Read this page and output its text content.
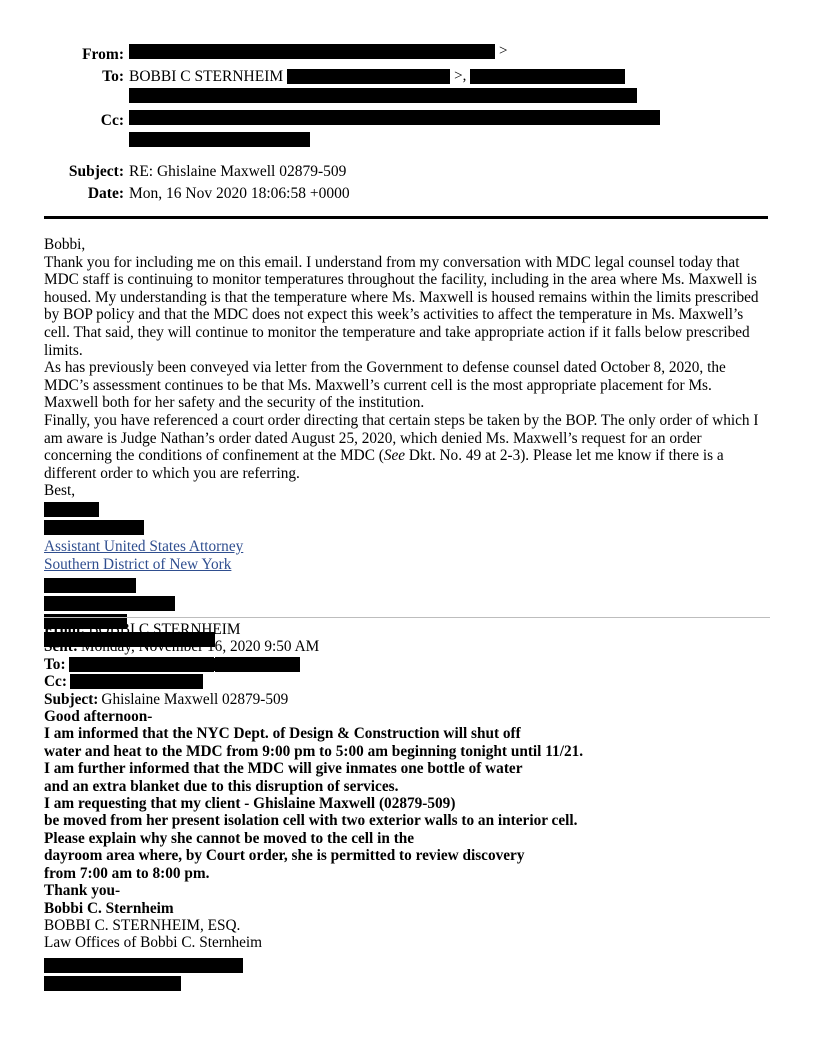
From:	>
To: BOBBI C STERNHEIM	>,
Cc:
Subject: RE: Ghislaine Maxwell 02879-509
Date: Mon, 16 Nov 2020 18:06:58 +0000

Bobbi,

Thank you for including me on this email. I understand from my conversation with MDC legal counsel today that MDC staff is continuing to monitor temperatures throughout the facility, including in the area where Ms. Maxwell is housed. My understanding is that the temperature where Ms. Maxwell is housed remains within the limits prescribed by BOP policy and that the MDC does not expect this week’s activities to affect the temperature in Ms. Maxwell’s cell. That said, they will continue to monitor the temperature and take appropriate action if it falls below prescribed limits.

As has previously been conveyed via letter from the Government to defense counsel dated October 8, 2020, the MDC’s assessment continues to be that Ms. Maxwell’s current cell is the most appropriate placement for Ms. Maxwell both for her safety and the security of the institution.

Finally, you have referenced a court order directing that certain steps be taken by the BOP. The only order of which I am aware is Judge Nathan’s order dated August 25, 2020, which denied Ms. Maxwell’s request for an order concerning the conditions of confinement at the MDC (See Dkt. No. 49 at 2-3). Please let me know if there is a different order to which you are referring.

Best,

Assistant United States Attorney
Southern District of New York
From: BOBBI C STERNHEIM
Sent: Monday, November 16, 2020 9:50 AM
To:
Cc:
Subject: Ghislaine Maxwell 02879-509
Good afternoon-
I am informed that the NYC Dept. of Design & Construction will shut off
water and heat to the MDC from 9:00 pm to 5:00 am beginning tonight until 11/21.
I am further informed that the MDC will give inmates one bottle of water
and an extra blanket due to this disruption of services.
I am requesting that my client - Ghislaine Maxwell (02879-509)
be moved from her present isolation cell with two exterior walls to an interior cell.
Please explain why she cannot be moved to the cell in the
dayroom area where, by Court order, she is permitted to review discovery
from 7:00 am to 8:00 pm.
Thank you-
Bobbi C. Sternheim
BOBBI C. STERNHEIM, ESQ.
Law Offices of Bobbi C. Sternheim
